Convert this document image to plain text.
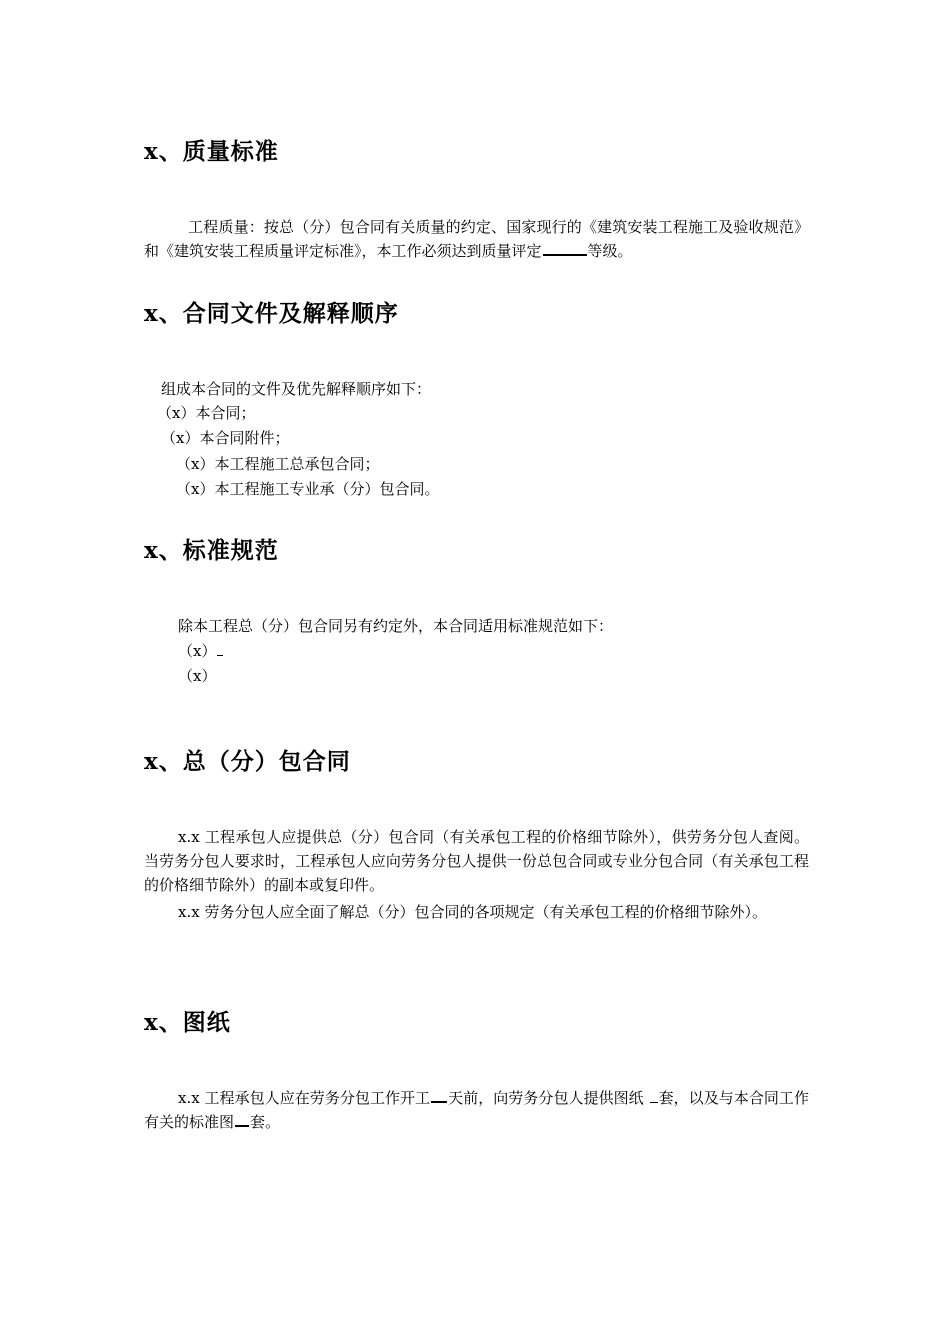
x、质量标准
工程质量：按总（分）包合同有关质量的约定、国家现行的《建筑安装工程施工及验收规范》和《建筑安装工程质量评定标准》，本工作必须达到质量评定	等级。
x、合同文件及解释顺序
组成本合同的文件及优先解释顺序如下：
（x）本合同；
（x）本合同附件；
（x）本工程施工总承包合同；
（x）本工程施工专业承（分）包合同。
x、标准规范
除本工程总（分）包合同另有约定外，本合同适用标准规范如下：
（x）
（x）
x、总（分）包合同
x.x 工程承包人应提供总（分）包合同（有关承包工程的价格细节除外），供劳务分包人查阅。当劳务分包人要求时，工程承包人应向劳务分包人提供一份总包合同或专业分包合同（有关承包工程的价格细节除外）的副本或复印件。
x.x 劳务分包人应全面了解总（分）包合同的各项规定（有关承包工程的价格细节除外）。
x、图纸
x.x 工程承包人应在劳务分包工作开工 天前，向劳务分包人提供图纸 套，以及与本合同工作有关的标准图 套。
